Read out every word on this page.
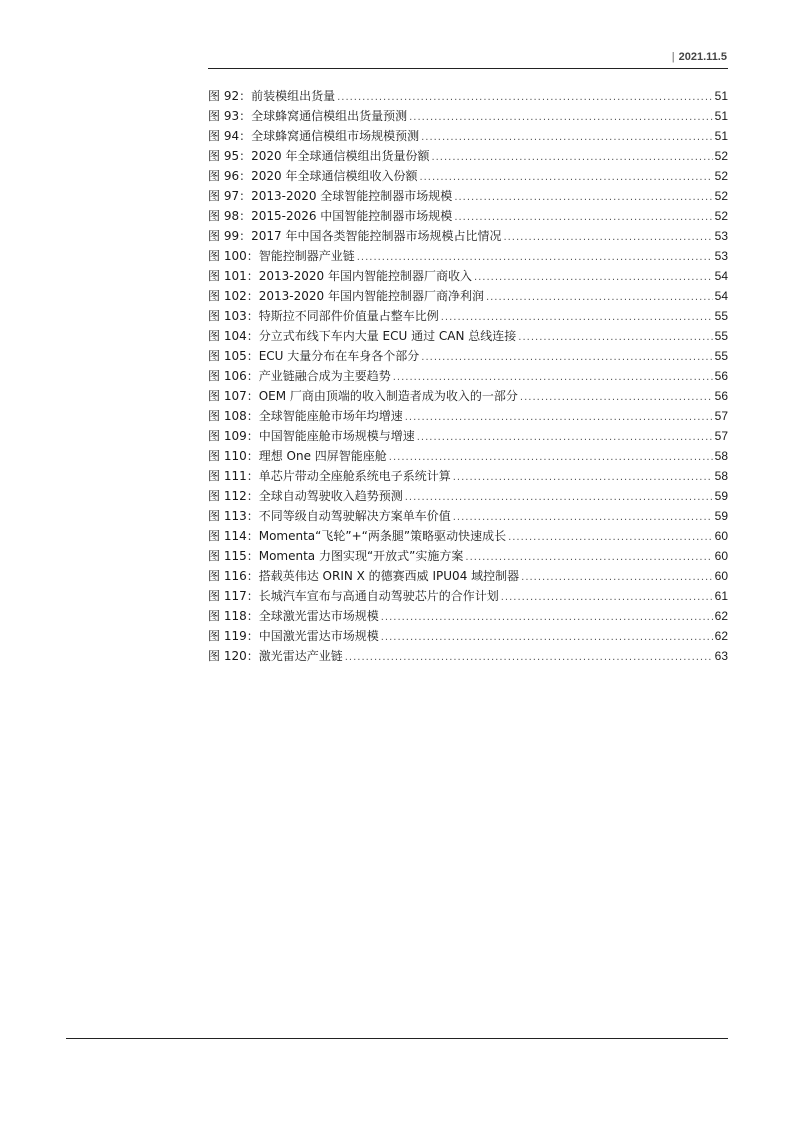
| 2021.11.5
图 92：前装模组出货量 .....	51
图 93：全球蜂窝通信模组出货量预测 .....	51
图 94：全球蜂窝通信模组市场规模预测 .....	51
图 95：2020 年全球通信模组出货量份额 .....	52
图 96：2020 年全球通信模组收入份额 .....	52
图 97：2013-2020 全球智能控制器市场规模 .....	52
图 98：2015-2026 中国智能控制器市场规模 .....	52
图 99：2017 年中国各类智能控制器市场规模占比情况 .....	53
图 100：智能控制器产业链 .....	53
图 101：2013-2020 年国内智能控制器厂商收入 .....	54
图 102：2013-2020 年国内智能控制器厂商净利润 .....	54
图 103：特斯拉不同部件价值量占整车比例 .....	55
图 104：分立式布线下车内大量 ECU 通过 CAN 总线连接 .....	55
图 105：ECU 大量分布在车身各个部分 .....	55
图 106：产业链融合成为主要趋势 .....	56
图 107：OEM 厂商由顶端的收入制造者成为收入的一部分 .....	56
图 108：全球智能座舱市场年均增速 .....	57
图 109：中国智能座舱市场规模与增速 .....	57
图 110：理想 One 四屏智能座舱 .....	58
图 111：单芯片带动全座舱系统电子系统计算 .....	58
图 112：全球自动驾驶收入趋势预测 .....	59
图 113：不同等级自动驾驶解决方案单车价值 .....	59
图 114：Momenta“飞轮”+“两条腿”策略驱动快速成长 .....	60
图 115：Momenta 力图实现“开放式”实施方案 .....	60
图 116：搭载英伟达 ORIN X 的德赛西威 IPU04 域控制器 .....	60
图 117：长城汽车宣布与高通自动驾驶芯片的合作计划 .....	61
图 118：全球激光雷达市场规模 .....	62
图 119：中国激光雷达市场规模 .....	62
图 120：激光雷达产业链 .....	63
